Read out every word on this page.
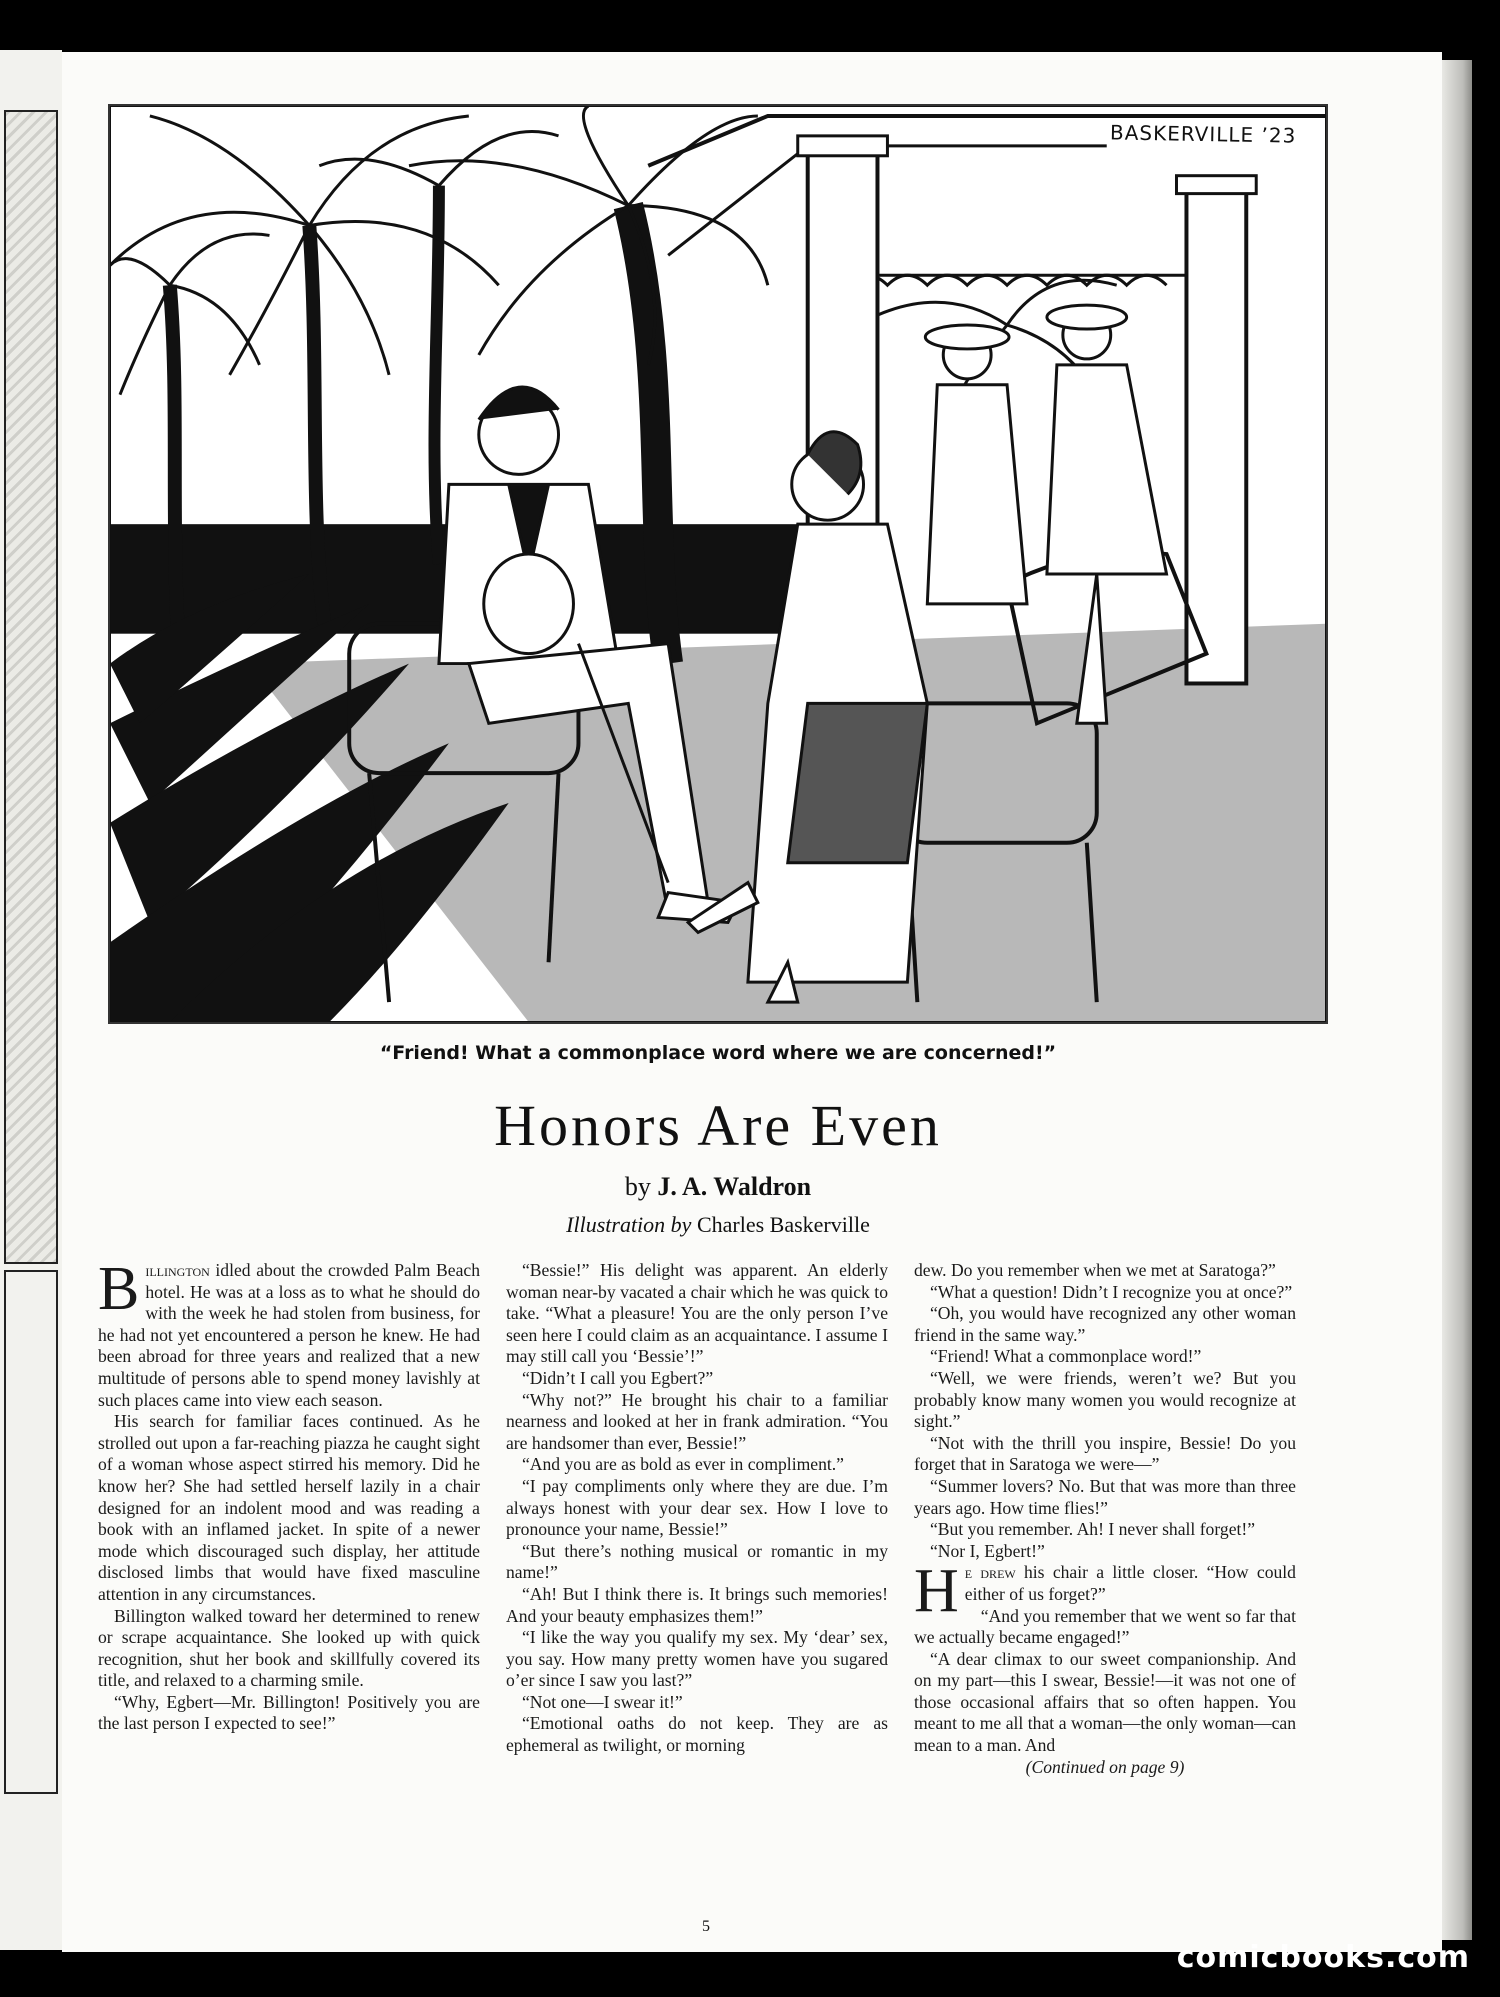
BASKERVILLE ’23
“Friend! What a commonplace word where we are concerned!”
Honors Are Even
by J. A. Waldron
Illustration by Charles Baskerville

Billington idled about the crowded Palm Beach hotel. He was at a loss as to what he should do with the week he had stolen from business, for he had not yet encountered a person he knew. He had been abroad for three years and realized that a new multitude of persons able to spend money lavishly at such places came into view each season.

His search for familiar faces continued. As he strolled out upon a far-reaching piazza he caught sight of a woman whose aspect stirred his memory. Did he know her? She had settled herself lazily in a chair designed for an indolent mood and was reading a book with an inflamed jacket. In spite of a newer mode which discouraged such display, her attitude disclosed limbs that would have fixed masculine attention in any circumstances.

Billington walked toward her determined to renew or scrape acquaintance. She looked up with quick recognition, shut her book and skillfully covered its title, and relaxed to a charming smile.

“Why, Egbert—Mr. Billington! Positively you are the last person I expected to see!”

“Bessie!” His delight was apparent. An elderly woman near-by vacated a chair which he was quick to take. “What a pleasure! You are the only person I’ve seen here I could claim as an acquaintance. I assume I may still call you ‘Bessie’!”

“Didn’t I call you Egbert?”

“Why not?” He brought his chair to a familiar nearness and looked at her in frank admiration. “You are handsomer than ever, Bessie!”

“And you are as bold as ever in compliment.”

“I pay compliments only where they are due. I’m always honest with your dear sex. How I love to pronounce your name, Bessie!”

“But there’s nothing musical or romantic in my name!”

“Ah! But I think there is. It brings such memories! And your beauty emphasizes them!”

“I like the way you qualify my sex. My ‘dear’ sex, you say. How many pretty women have you sugared o’er since I saw you last?”

“Not one—I swear it!”

“Emotional oaths do not keep. They are as ephemeral as twilight, or morning

dew. Do you remember when we met at Saratoga?”

“What a question! Didn’t I recognize you at once?”

“Oh, you would have recognized any other woman friend in the same way.”

“Friend! What a commonplace word!”

“Well, we were friends, weren’t we? But you probably know many women you would recognize at sight.”

“Not with the thrill you inspire, Bessie! Do you forget that in Saratoga we were—”

“Summer lovers? No. But that was more than three years ago. How time flies!”

“But you remember. Ah! I never shall forget!”

“Nor I, Egbert!”

He drew his chair a little closer. “How could either of us forget?”

“And you remember that we went so far that we actually became engaged!”

“A dear climax to our sweet companionship. And on my part—this I swear, Bessie!—it was not one of those occasional affairs that so often happen. You meant to me all that a woman—the only woman—can mean to a man. And

(Continued on page 9)

5
comicbooks.com
